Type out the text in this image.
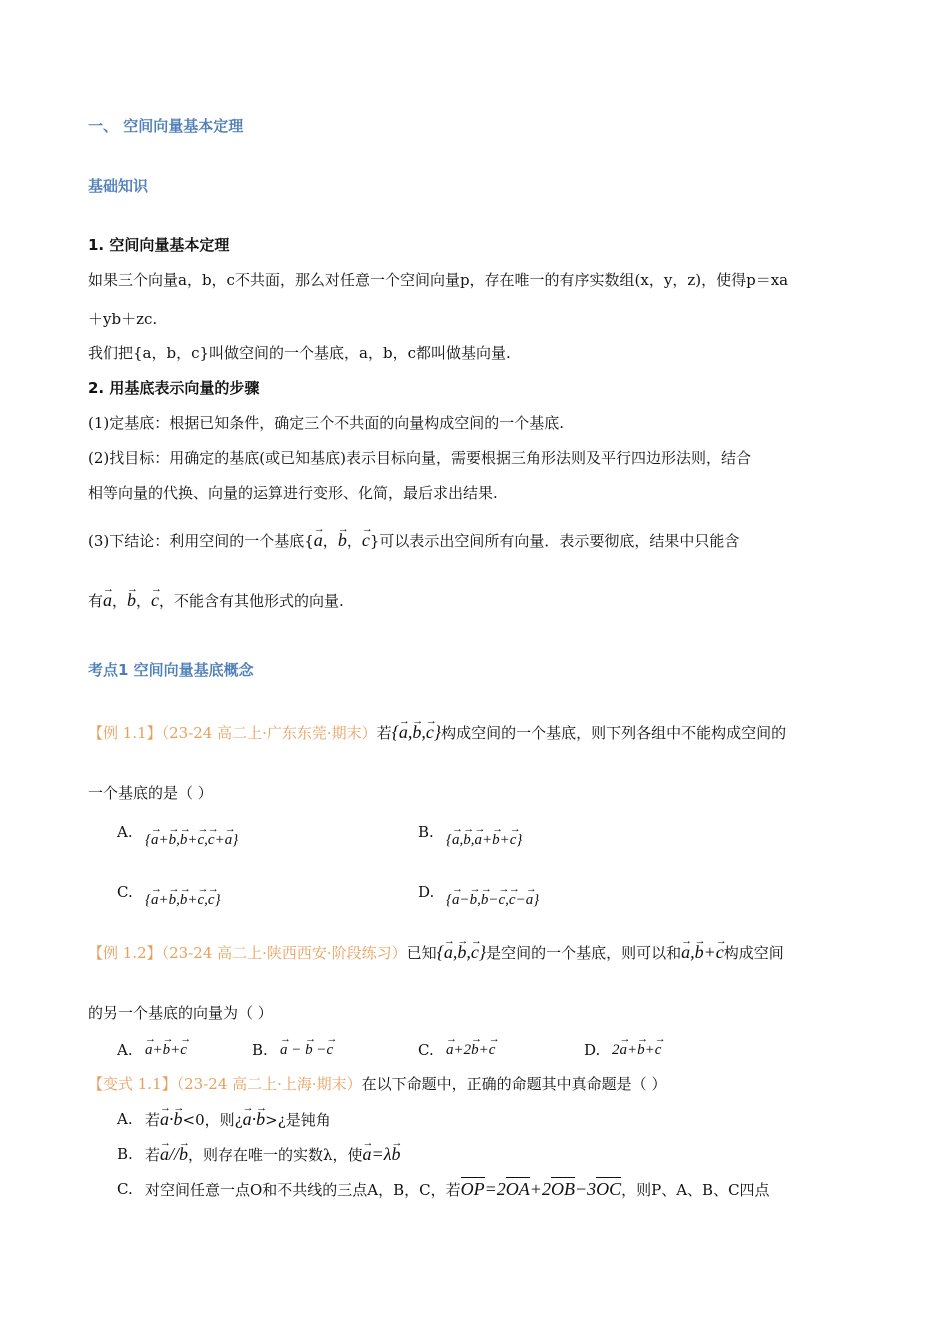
一、 空间向量基本定理
基础知识
1. 空间向量基本定理
如果三个向量a，b，c不共面，那么对任意一个空间向量p，存在唯一的有序实数组(x，y，z)，使得p＝xa
＋yb＋zc.
我们把{a，b，c}叫做空间的一个基底，a，b，c都叫做基向量.
2. 用基底表示向量的步骤
(1)定基底：根据已知条件，确定三个不共面的向量构成空间的一个基底.
(2)找目标：用确定的基底(或已知基底)表示目标向量，需要根据三角形法则及平行四边形法则，结合
相等向量的代换、向量的运算进行变形、化简，最后求出结果.
(3)下结论：利用空间的一个基底{→ a，→ b，→ c}可以表示出空间所有向量．表示要彻底，结果中只能含
有→ a，→ b，→ c，不能含有其他形式的向量.
考点1 空间向量基底概念
【例 1.1】（23-24 高二上·广东东莞·期末）若{→ a,→ b,→ c}构成空间的一个基底，则下列各组中不能构成空间的
一个基底的是（ ）
A. {→ a+→ b,→ b+→ c,→ c+→ a}	B. {→ a,→ b,→ a+→ b+→ c}
C. {→ a+→ b,→ b+→ c,→ c}	D. {→ a−→ b,→ b−→ c,→ c−→ a}
【例 1.2】（23-24 高二上·陕西西安·阶段练习）已知{→ a,→ b,→ c}是空间的一个基底，则可以和→ a,→ b+→ c构成空间
的另一个基底的向量为（ ）
A. → a+→ b+→ c	B. → a − → b −→ c	C. → a+2→ b+→ c	D. 2→ a+→ b+→ c
【变式 1.1】（23-24 高二上·上海·期末）在以下命题中，正确的命题其中真命题是（ ）
A. 若→ a·→ b<0，则¿→ a·→ b>¿是钝角
B. 若→ a//→ b，则存在唯一的实数λ，使→ a=λ→ b
C. 对空间任意一点O和不共线的三点A，B，C，若OP=2OA+2OB−3OC，则P、A、B、C四点
